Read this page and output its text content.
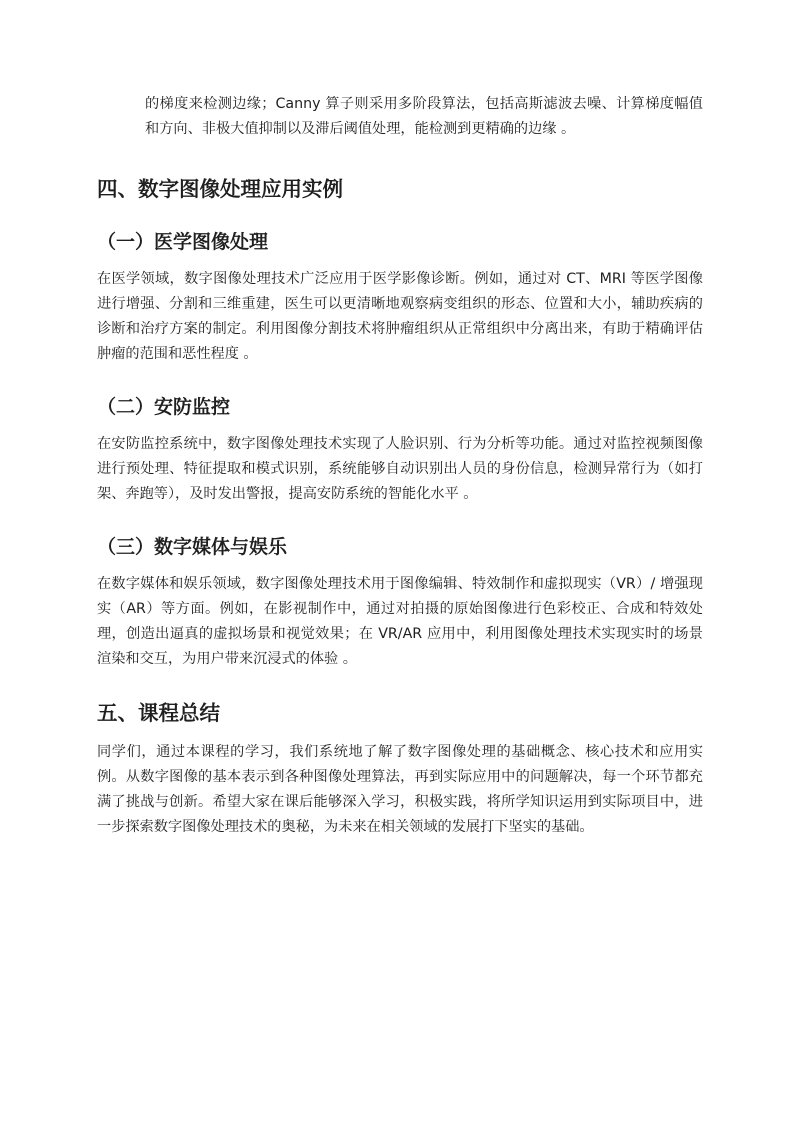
的梯度来检测边缘；Canny 算子则采用多阶段算法，包括高斯滤波去噪、计算梯度幅值和方向、非极大值抑制以及滞后阈值处理，能检测到更精确的边缘 。

四、数字图像处理应用实例
（一）医学图像处理

在医学领域，数字图像处理技术广泛应用于医学影像诊断。例如，通过对 CT、MRI 等医学图像进行增强、分割和三维重建，医生可以更清晰地观察病变组织的形态、位置和大小，辅助疾病的诊断和治疗方案的制定。利用图像分割技术将肿瘤组织从正常组织中分离出来，有助于精确评估肿瘤的范围和恶性程度 。

（二）安防监控

在安防监控系统中，数字图像处理技术实现了人脸识别、行为分析等功能。通过对监控视频图像进行预处理、特征提取和模式识别，系统能够自动识别出人员的身份信息，检测异常行为（如打架、奔跑等），及时发出警报，提高安防系统的智能化水平 。

（三）数字媒体与娱乐

在数字媒体和娱乐领域，数字图像处理技术用于图像编辑、特效制作和虚拟现实（VR）/ 增强现实（AR）等方面。例如，在影视制作中，通过对拍摄的原始图像进行色彩校正、合成和特效处理，创造出逼真的虚拟场景和视觉效果；在 VR/AR 应用中，利用图像处理技术实现实时的场景渲染和交互，为用户带来沉浸式的体验 。

五、课程总结

同学们，通过本课程的学习，我们系统地了解了数字图像处理的基础概念、核心技术和应用实例。从数字图像的基本表示到各种图像处理算法，再到实际应用中的问题解决，每一个环节都充满了挑战与创新。希望大家在课后能够深入学习，积极实践，将所学知识运用到实际项目中，进一步探索数字图像处理技术的奥秘，为未来在相关领域的发展打下坚实的基础。
